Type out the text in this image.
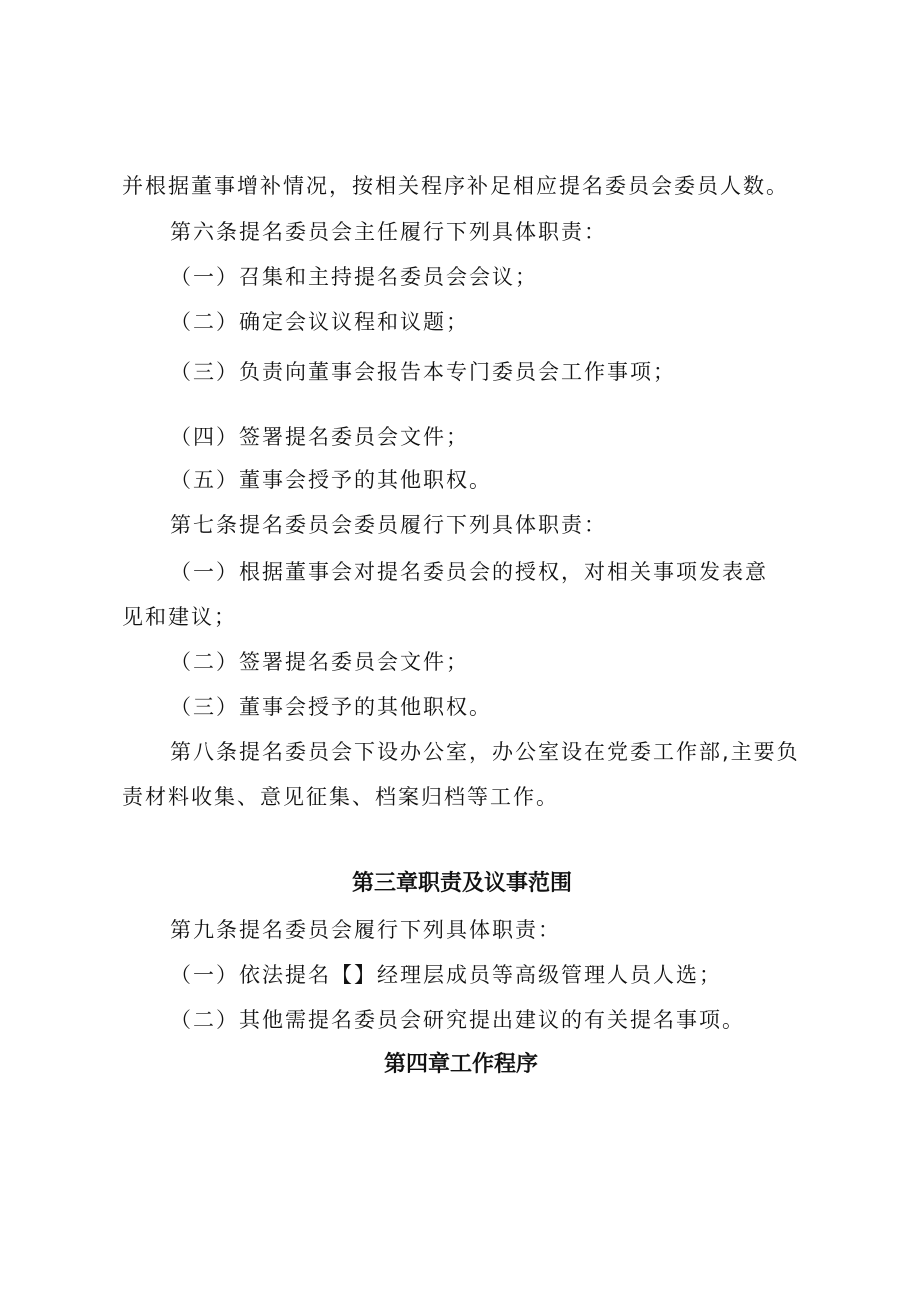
并根据董事增补情况，按相关程序补足相应提名委员会委员人数。
第六条提名委员会主任履行下列具体职责：
（一）召集和主持提名委员会会议；
（二）确定会议议程和议题；
（三）负责向董事会报告本专门委员会工作事项；
（四）签署提名委员会文件；
（五）董事会授予的其他职权。
第七条提名委员会委员履行下列具体职责：
（一）根据董事会对提名委员会的授权，对相关事项发表意
见和建议；
（二）签署提名委员会文件；
（三）董事会授予的其他职权。
第八条提名委员会下设办公室，办公室设在党委工作部,主要负
责材料收集、意见征集、档案归档等工作。
第三章职责及议事范围
第九条提名委员会履行下列具体职责：
（一）依法提名【】经理层成员等高级管理人员人选；
（二）其他需提名委员会研究提出建议的有关提名事项。
第四章工作程序
